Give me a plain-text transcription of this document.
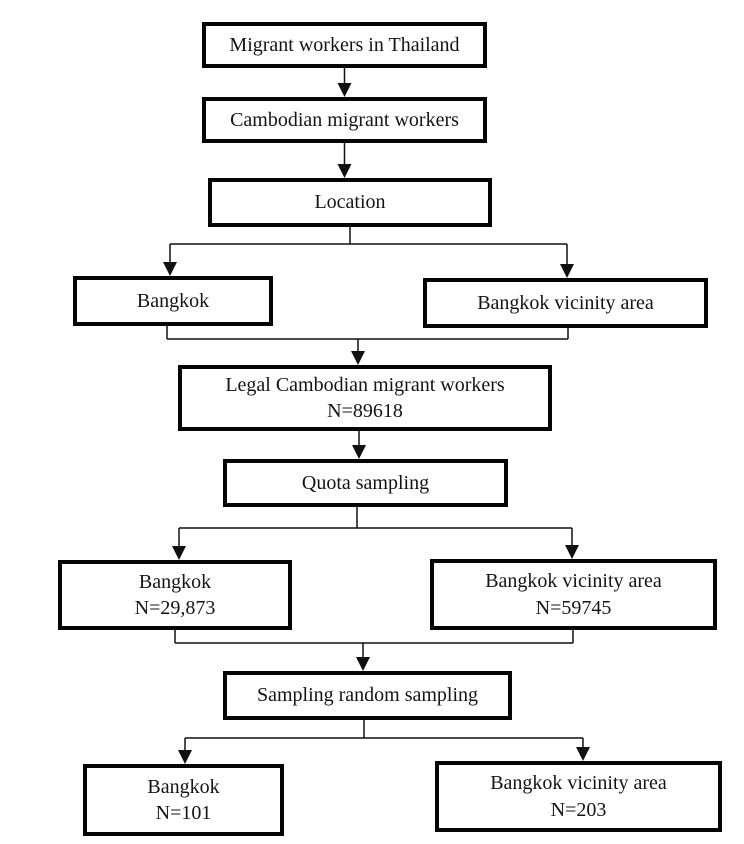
Migrant workers in Thailand
Cambodian migrant workers
Location
Bangkok	Bangkok vicinity area
Legal Cambodian migrant workers
N=89618
Quota sampling
Bangkok
N=29,873
Bangkok vicinity area
N=59745
Sampling random sampling
Bangkok
N=101
Bangkok vicinity area
N=203
